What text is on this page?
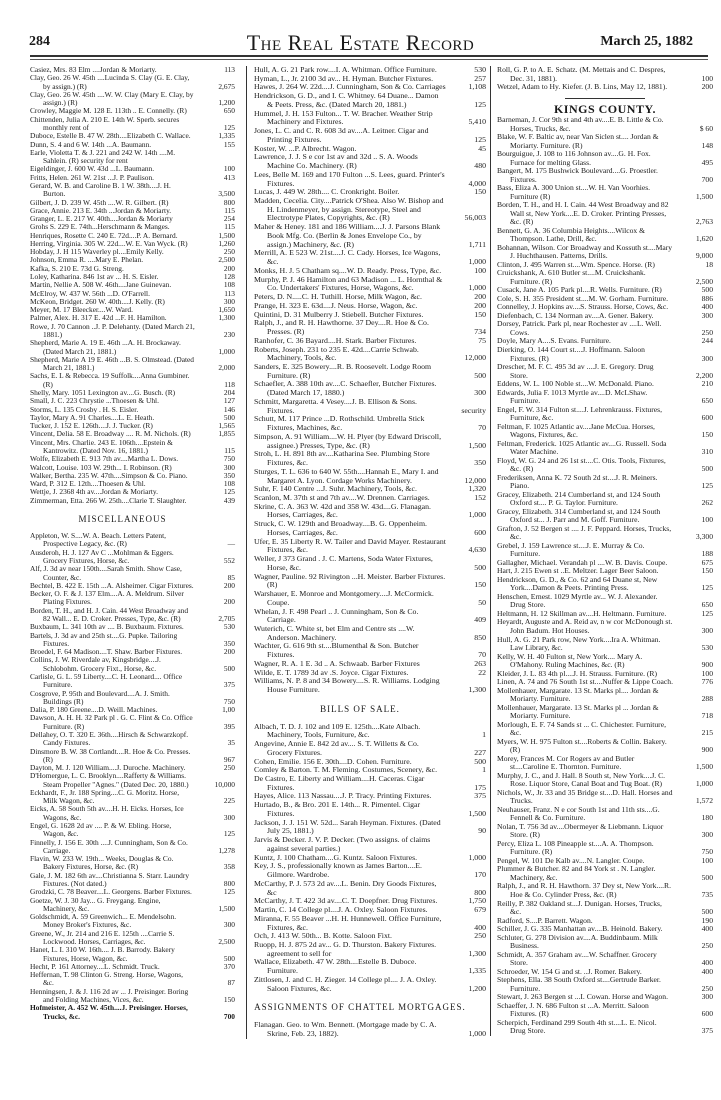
284	The Real Estate Record	March 25, 1882

Casiez, Mrs. 83 Elm ....Jordan & Moriarty.	113

Clay, Geo. 26 W. 45th ....Lucinda S. Clay (G. E. Clay, by assign.) (R)	2,675

Clay, Geo. 26 W. 45th ....W. W. Clay (Mary E. Clay, by assign.) (R)	1,200

Crowley, Maggie M. 128 E. 113th .. E. Connelly. (R)	650

Chittenden, Julia A. 210 E. 14th W. Sperb. secures monthly rent of	125

Duboce, Estelle B. 47 W. 28th....Elizabeth C. Wallace.	1,335

Dunn, S. 4 and 6 W. 14th ...A. Baumann.	155

Earle, Violetta T. & J. 221 and 242 W. 14th ....M. Sahlein. (R) security for rent

Eigeldinger, J. 600 W. 43d ...L. Baumann.	100

Fritts, Helen. 261 W. 21st ...J. P. Paulison.	413

Gerard, W. B. and Caroline B. 1 W. 38th....J. H. Burton.	3,500

Gilbert, J. D. 239 W. 45th ....W. R. Gilbert. (R)	800

Grace, Annie. 213 E. 34th ...Jordan & Moriarty.	115

Granger, L. E. 217 W. 40th....Jordan & Moriarty	254

Grohs S. 229 E. 74th...Herschmann & Manges.	115

Henriques, Rosette C. 240 E. 72d....P. A. Bernard.	1,500

Herring, Virginia. 305 W. 22d....W. E. Van Wyck. (R)	1,260

Hobday, J. H 115 Waverley pl....Emily Kelly.	250

Johnson, Emma R. ....Mary E. Phelan.	2,500

Kafka, S. 210 E. 73d G. Streng.	200

Loley, Katharina. 846 1st av ... H. S. Eisler.	128

Martin, Nellie A. 508 W. 46th....Jane Guinevan.	108

McElroy, W. 437 W. 56th ...D. O'Farrell.	113

McKeon, Bridget. 260 W. 40th....J. Kelly. (R)	300

Meyer, M. 17 Bleecker....W. Ward.	1,650

Palmer, Alex. H. 317 E. 42d ...F. H. Hamilton.	1,300

Rowe, J. 70 Cannon ..J. P. Delehanty. (Dated March 21, 1881.)	230

Shepherd, Marie A. 19 E. 46th ...A. H. Brockaway. (Dated March 21, 1881.)	1,000

Shepherd, Marie A 19 E. 46th ...B. S. Olmstead. (Dated March 21, 1881.)	2,000

Sachs, E. L & Rebecca. 19 Suffolk....Anna Gumbiner. (R)	118

Shelly, Mary. 1051 Lexington av....G. Busch. (R)	204

Small, J. C. 223 Chrystie ...Thoesen & Uhl.	127

Storms, L. 135 Crosby . H. S. Eisler.	146

Taylor, Mary A. 91 Charles....L. E. Heath.	500

Tucker, J. 152 E. 126th....J. J. Tucker. (R)	1,565

Vincent, Delia. 58 E. Broadway .... R. M. Nichols. (R)	1,855

Vincent, Mrs. Charlie. 243 E. 106th....Epstein & Kantrowitz. (Dated Nov. 16, 1881.)	115

Wolfe, Elizabeth E. 913 7th av....Martha L. Dows.	750

Walcott, Louise. 103 W. 29th... I. Robinson. (R)	300

Walker, Bertha. 235 W. 47th....Simpson & Co. Piano.	350

Ward, P. 312 E. 12th....Thoesen & Uhl.	108

Wettje, J. 2368 4th av....Jordan & Moriarty.	125

Zimmerman, Etta. 266 W. 25th....Clarie T. Slaughter.	439

MISCELLANEOUS

Appleton, W. S....W. A. Beach. Letters Patent, Prospective Legacy, &c. (R)	—

Ausderoh, H. J. 127 Av C ...Mohlman & Eggers. Grocery Fixtures, Horse, &c.	552

Alf, J. 3d av near 150th....Sarah Smith. Show Case, Counter, &c.	85

Bechtel, B. 422 E. 15th ...A. Alsheimer. Cigar Fixtures.	200

Becker, O. F. & J. 137 Elm....A. A. Meldrum. Silver Plating Fixtures.	200

Borden, T. H., and H. J. Cain. 44 West Broadway and 82 Wall... E. D. Croker. Presses, Type, &c. (R)	2,705

Buxbaum, L. 341 10th av .... B. Buxbaum. Fixtures.	530

Bartels, J. 3d av and 25th st....G. Pupke. Tailoring Fixtures.	350

Broedel, F. 64 Madison....T. Shaw. Barber Fixtures.	200

Collins, J. W. Riverdale av, Kingsbridge....J. Schlobohm. Grocery Fixt., Horse, &c.	500

Carlisle, G. L. 59 Liberty....C. H. Leonard.... Office Furniture.	375

Cosgrove, P. 95th and Boulevard....A. J. Smith. Buildings (R)	750

Dalia, P. 180 Greene....D. Weill. Machines.	1,00

Dawson, A. H. H. 32 Park pl . G. C. Flint & Co. Office Furniture. (R)	395

Dellahey, O. T. 320 E. 36th....Hirsch & Schwarzkopf. Candy Fixtures.	35

Dinsmore B. W. 38 Cortlandt....R. Hoe & Co. Presses. (R)	967

Dayton, M. J. 120 William....J. Duroche. Machinery.	250

D'Homergue, L. C. Brooklyn....Rafferty & Williams. Steam Propeller "Agnes." (Dated Dec. 20, 1880.)	10,000

Eckhardt, F., Jr. 188 Spring....C. G. Moritz. Horse, Milk Wagon, &c.	225

Eicks, A. 58 South 5th av....H. H. Eicks. Horses, Ice Wagons, &c.	300

Engel, G. 1628 2d av .... P. & W. Ebling. Horse, Wagon, &c.	125

Finnelly, J. 156 E. 30th ....J. Cunningham, Son & Co. Carriage.	1,278

Flavin, W. 233 W. 19th... Weeks, Douglas & Co. Bakery Fixtures, Horse, &c. (R)	358

Gale, J. M. 182 6th av....Christianna S. Starr. Laundry Fixtures. (Not dated.)	800

Grodzki, C. 78 Beaver....L. Georgens. Barber Fixtures.	125

Goetze, W. J. 30 Jay... G. Freygang. Engine, Machinery, &c.	1,500

Goldschmidt, A. 59 Greenwich... E. Mendelsohn. Money Broker's Fixtures, &c.	300

Greene, W., Jr. 214 and 216 E. 125th ....Carrie S. Lockwood. Horses, Carriages, &c.	2,500

Hanet, L. I. 310 W. 16th.... J. B. Barrody. Bakery Fixtures, Horse, Wagon, &c.	500

Hecht, P. 161 Attorney....L. Schmidt. Truck.	370

Heffernan, T. 98 Clinton G. Streng. Horse, Wagons, &c.	87

Henningsen, J. & J. 116 2d av ... J. Preisinger. Boring and Folding Machines, Vices, &c.	150

Hofmeister, A. 452 W. 45th....J. Preisinger. Horses, Trucks, &c.	700

Hull, A. G. 21 Park row....I. A. Whitman. Office Furniture.	530

Hyman, L., Jr. 2100 3d av... H. Hyman. Butcher Fixtures.	257

Hawes, J. 264 W. 22d....J. Cunningham, Son & Co. Carriages	1,108

Hendrickson, G. D., and I. C. Whitney. 64 Duane... Damon & Peets. Press, &c. (Dated March 20, 1881.)	125

Hummel, J. H. 153 Fulton... T. W. Bracher. Weather Strip Machinery and Fixtures.	5,410

Jones, L. C. and C. R. 608 3d av....A. Leitner. Cigar and Printing Fixtures.	125

Koster, W. ...P. Albrecht. Wagon.	45

Lawrence, J. J. S e cor 1st av and 32d .. S. A. Woods Machine Co. Machinery. (R)	480

Lees, Belle M. 169 and 170 Fulton ...S. Lees, guard. Printer's Fixtures.	4,000

Lucas, J. 449 W. 28th.... C. Cronkright. Boiler.	150

Madden, Cecelia. City....Patrick O'Shea. Also W. Bishop and H. Lindenmeyer, by assign. Stereotype, Steel and Electrotype Plates, Copyrights, &c. (R)	56,003

Maher & Heney. 181 and 186 William....J. J. Parsons Blank Book Mfg. Co. (Berlin & Jones Envelope Co., by assign.) Machinery, &c. (R)	1,711

Merrill, A. E 523 W. 21st....J. C. Cady. Horses, Ice Wagons, &c.	1,000

Monks, H. J. 5 Chatham sq....W. D. Ready. Press, Type, &c.	100

Murphy, P. J. 46 Hamilton and 63 Madison ... L. Hornthal & Co. Undertakers' Fixtures, Horse, Wagons, &c.	1,000

Peters, D. N.....C. H. Tuthill. Horse, Milk Wagon, &c.	200

Prange, H. 323 E. 63d....J. Neus. Horse, Wagon, &c.	200

Quintini, D. 31 Mulberry J. Stiebell. Butcher Fixtures.	150

Ralph, J., and R. H. Hawthorne. 37 Dey....R. Hoe & Co. Presses. (R)	734

Ranhofer, C. 36 Bayard....H. Stark. Barber Fixtures.	75

Roberts, Joseph. 231 to 235 E. 42d....Carrie Schwab. Machinery, Tools, &c.	12,000

Sanders, E. 325 Bowery....R. B. Roosevelt. Lodge Room Furniture. (R)	500

Schaefler, A. 388 10th av....C. Schaefler, Butcher Fixtures. (Dated March 17, 1880.)	300

Schmitt, Margaretta. 4 Vesey....J. B. Ellison & Sons. Fixtures.	security

Schutt, M. 117 Prince ...D. Rothschild. Umbrella Stick Fixtures, Machines, &c.	70

Simpson, A. 91 William....W. H. Plyer (by Edward Driscoll, assignee.) Presses, Type, &c. (R)	1,500

Stroh, L. H. 891 8th av....Katharina See. Plumbing Store Fixtures, &c.	350

Sturges, T. L. 636 to 640 W. 55th....Hannah E., Mary I. and Margaret A. Lyon. Cordage Works Machinery.	12,000

Suhr, F. 140 Centre ...J. Suhr. Machinery, Tools, &c.	1,320

Scanlon, M. 37th st and 7th av....W. Drennen. Carriages.	152

Skrine, C. A. 363 W. 42d and 358 W. 43d....G. Flanagan. Horses, Carriages, &c.	1,000

Struck, C. W. 129th and Broadway....B. G. Oppenheim. Horses, Carriages, &c.	600

Ufer, E. 35 Liberty R. W. Tailer and David Mayer. Restaurant Fixtures, &c.	4,630

Weller, J 373 Grand . J. C. Martens, Soda Water Fixtures, Horse, &c.	500

Wagner, Pauline. 92 Rivington ...H. Meister. Barber Fixtures. (R)	150

Warshauer, E. Monroe and Montgomery....J. McCormick. Coupe.	50

Whelan, J. F. 498 Pearl .. J. Cunningham, Son & Co. Carriage.	409

Wuterich, C. White st, bet Elm and Centre sts ....W. Anderson. Machinery.	850

Wachter, G. 616 9th st....Blumenthal & Son. Butcher Fixtures.	70

Wagner, R. A. 1 E. 3d .. A. Schwaab. Barber Fixtures	263

Wilde, E. T. 1789 3d av .S. Joyce. Cigar Fixtures.	22

Williams, N. P. 8 and 34 Bowery....S. R. Williams. Lodging House Furniture.	1,300

BILLS OF SALE.

Albach, T. D. J. 102 and 109 E. 125th....Kate Albach. Machinery, Tools, Furniture, &c.	1

Angevine, Annie E. 842 2d av.... S. T. Willetts & Co. Grocery Fixtures.	227

Cohen, Emilie. 156 E. 30th....D. Cohen. Furniture.	500

Comley & Barton. T. M. Fleming. Costumes, Scenery, &c.	1

De Castro, E. Liberty and William....H. Caceras. Cigar Fixtures.	175

Hayes, Alice. 113 Nassau....J. P. Tracy. Printing Fixtures.	375

Hurtado, B., & Bro. 201 E. 14th... R. Pimentel. Cigar Fixtures.	1,500

Jackson, J. J. 151 W. 52d... Sarah Heyman. Fixtures. (Dated July 25, 1881.)	90

Jarvis & Decker. J. V. P. Decker. (Two assigns. of claims against several parties.)

Kuntz, J. 100 Chatham....G. Kuntz. Saloon Fixtures.	1,000

Key, J. S., professionally known as James Barton....E. Gilmore. Wardrobe.	170

McCarthy, P. J. 573 2d av....L. Benin. Dry Goods Fixtures, &c	800

McCarthy, J. T. 422 3d av....C. T. Doepfner. Drug Fixtures.	1,750

Martin, C. 14 College pl....J. A. Oxley. Saloon Fixtures.	679

Miranna, F. 55 Beaver ...H. H. Hunnewell. Office Furniture, Fixtures, &c.	400

Och, J. 413 W. 50th... B. Kotte. Saloon Fixt.	250

Ruopp, H. J. 875 2d av... G. D. Thurston. Bakery Fixtures. agreement to sell for	1,300

Wallace, Elizabeth. 47 W. 28th....Estelle B. Duboce. Furniture.	1,335

Zittlosen, J. and C. H. Zieger. 14 College pl.... J. A. Oxley. Saloon Fixtures, &c.	1,200

ASSIGNMENTS OF CHATTEL MORTGAGES.

Flanagan. Geo. to Wm. Bennett. (Mortgage made by C. A. Skrine, Feb. 23, 1882).	1,000

Roll, G. P. to A. E. Schatz. (M. Mettais and C. Despres, Dec. 31, 1881).	100

Wetzel, Adam to Hy. Kiefer. (J. B. Lins, May 12, 1881).	200

KINGS COUNTY.

Barneman, J. Cor 9th st and 4th av....E. B. Little & Co. Horses, Trucks, &c.	$ 60

Blake, W. F. Baltic av, near Van Siclen st.... Jordan & Moriarty. Furniture. (R)	148

Bourguigue, J. 108 to 116 Johnson av....G. H. Fox. Furnace for melting Glass.	495

Bangert, M. 175 Bushwick Boulevard....G. Proestler. Fixtures.	700

Bass, Eliza A. 300 Union st....W. H. Van Voorhies. Furniture (R)	1,500

Borden, T. H., and H. I. Cain. 44 West Broadway and 82 Wall st, New York....E. D. Croker. Printing Presses, &c. (R)	2,763

Bennett, G. A. 36 Columbia Heights....Wilcox & Thompson. Lathe, Drill, &c.	1,620

Bohannan, Wilson. Cor Broadway and Kossuth st....Mary J. Huchthausen. Patterns, Drills.	9,000

Clinton, J. 495 Warren st....Wm. Spence. Horse. (R)	18

Cruickshank, A. 610 Butler st....M. Cruickshank. Furniture. (R)	2,500

Cusack, Jane A. 105 Park pl....R. Wells. Furniture. (R)	500

Cole, S. H. 355 President st....M. W. Gorham. Furniture.	886

Connelley, J. Hopkins av....S. Strauss. Horse, Cows, &c.	400

Diefenbach, C. 134 Norman av....A. Gener. Bakery.	300

Dorsey, Patrick. Park pl, near Rochester av ....L. Well. Cows.	250

Doyle, Mary A....S. Evans. Furniture.	244

Dierking, O. 144 Court st....J. Hoffmann. Saloon Fixtures. (R)	300

Drescher, M. F. C. 495 3d av ....J. E. Gregory. Drug Store.	2,200

Eddens, W. L. 100 Noble st....W. McDonald. Piano.	210

Edwards, Julia F. 1013 Myrtle av....D. McLShaw. Furniture.	650

Engel, F. W. 314 Fulton st....J. Lehrenkrauss. Fixtures, Furniture, &c.	600

Feltman, F. 1025 Atlantic av....Jane McCua. Horses, Wagons, Fixtures, &c.	150

Feltman, Frederick. 1025 Atlantic av....G. Russell. Soda Water Machine.	310

Floyd, W. G. 24 and 26 1st st....C. Otis. Tools, Fixtures, &c. (R)	500

Frederiksen, Anna K. 72 South 2d st....J. R. Meiners. Piano.	125

Gracey, Elizabeth. 214 Cumberland st, and 124 South Oxford st.... P. G. Taylor. Furniture.	262

Gracey, Elizabeth. 314 Cumberland st, and 124 South Oxford st... J. Parr and M. Goff. Furniture.	100

Grafton, J. 52 Bergen st .... J. F. Peppard. Horses, Trucks, &c.	3,300

Grebel, J. 159 Lawrence st....J. E. Murray & Co. Furniture.	188

Gallagher, Michael. Verandah pl ....W. B. Davis. Coupe.	675

Hart, J. 215 Ewen st ..E. Meltzer. Lager Beer Saloon.	150

Hendrickson, G. D., & Co. 62 and 64 Duane st, New York....Damon & Peets. Printing Press.	125

Henschen, Ernest. 1029 Myrtle av... W. J. Alexander. Drug Store.	650

Heltmann, H. 12 Skillman av....H. Heltmann. Furniture.	125

Heyardt, Auguste and A. Reid av, n w cor McDonough st. John Badum. Hot Houses.	300

Hull, A. G. 21 Park row, New York....Ira A. Whitman. Law Library, &c.	530

Kelly, W. H. 40 Fulton st, New York.... Mary A. O'Mahony. Ruling Machines, &c. (R)	900

Kleider, J. L. 83 4th pl....J. H. Strauss. Furniture. (R)	100

Linen, A. 74 and 76 South 1st st....Nuffer & Lippe Coach.	776

Mollenhauer, Margarate. 13 St. Marks pl.... Jordan & Moriarty. Furniture.	288

Mollenhauer, Margarate. 13 St. Marks pl ... Jordan & Moriarty. Furniture.	718

Morlough, E. F. 74 Sands st ... C. Chichester. Furniture, &c.	215

Myers, W. H. 975 Fulton st....Roberts & Collin. Bakery. (R)	900

Morey, Frances M. Cor Rogers av and Butler st....Caroline E. Thornton. Furniture.	1,500

Murphy, J. C., and J. Hall. 8 South st, New York....J. C. Rose. Liquor Store, Canal Boat and Tug Boat. (R)	1,000

Nichols, W., Jr. 33 and 35 Bridge st....D. Hall. Horses and Trucks.	1,572

Neuhauser, Franz. N e cor South 1st and 11th sts....G. Fennell & Co. Furniture.	180

Nolan, T. 756 3d av....Obermeyer & Liebmann. Liquor Store. (R)	300

Percy, Eliza L. 108 Pineapple st....A. A. Thompson. Furniture. (R)	750

Pengel, W. 101 De Kalb av....N. Langler. Coupe.	100

Plummer & Butcher. 82 and 84 York st . N. Langler. Machinery, &c.	500

Ralph, J., and R. H. Hawthorn. 37 Dey st, New York....R. Hoe & Co. Cylinder Press, &c. (R)	735

Reilly, P. 382 Oakland st...J. Dunigan. Horses, Trucks, &c.	500

Radford, S....P. Barrett. Wagon.	190

Schiller, J. G. 335 Manhattan av....B. Heinold. Bakery.	400

Schluter, G. 278 Division av....A. Buddinbaum. Milk Business.	250

Schmidt, A. 357 Graham av....W. Schaffner. Grocery Store.	400

Schroeder, W. 154 G and st. ..J. Romer. Bakery.	400

Stephens, Ella. 38 South Oxford st....Gertrude Barker. Furniture.	250

Stewart, J. 263 Bergen st ...I. Cowan. Horse and Wagon.	300

Schaeffer, J. N. 686 Fulton st ...A. Merritt. Saloon Fixtures. (R)	600

Scherpich, Ferdinand 299 South 4th st....L. E. Nicol. Drug Store.	375
